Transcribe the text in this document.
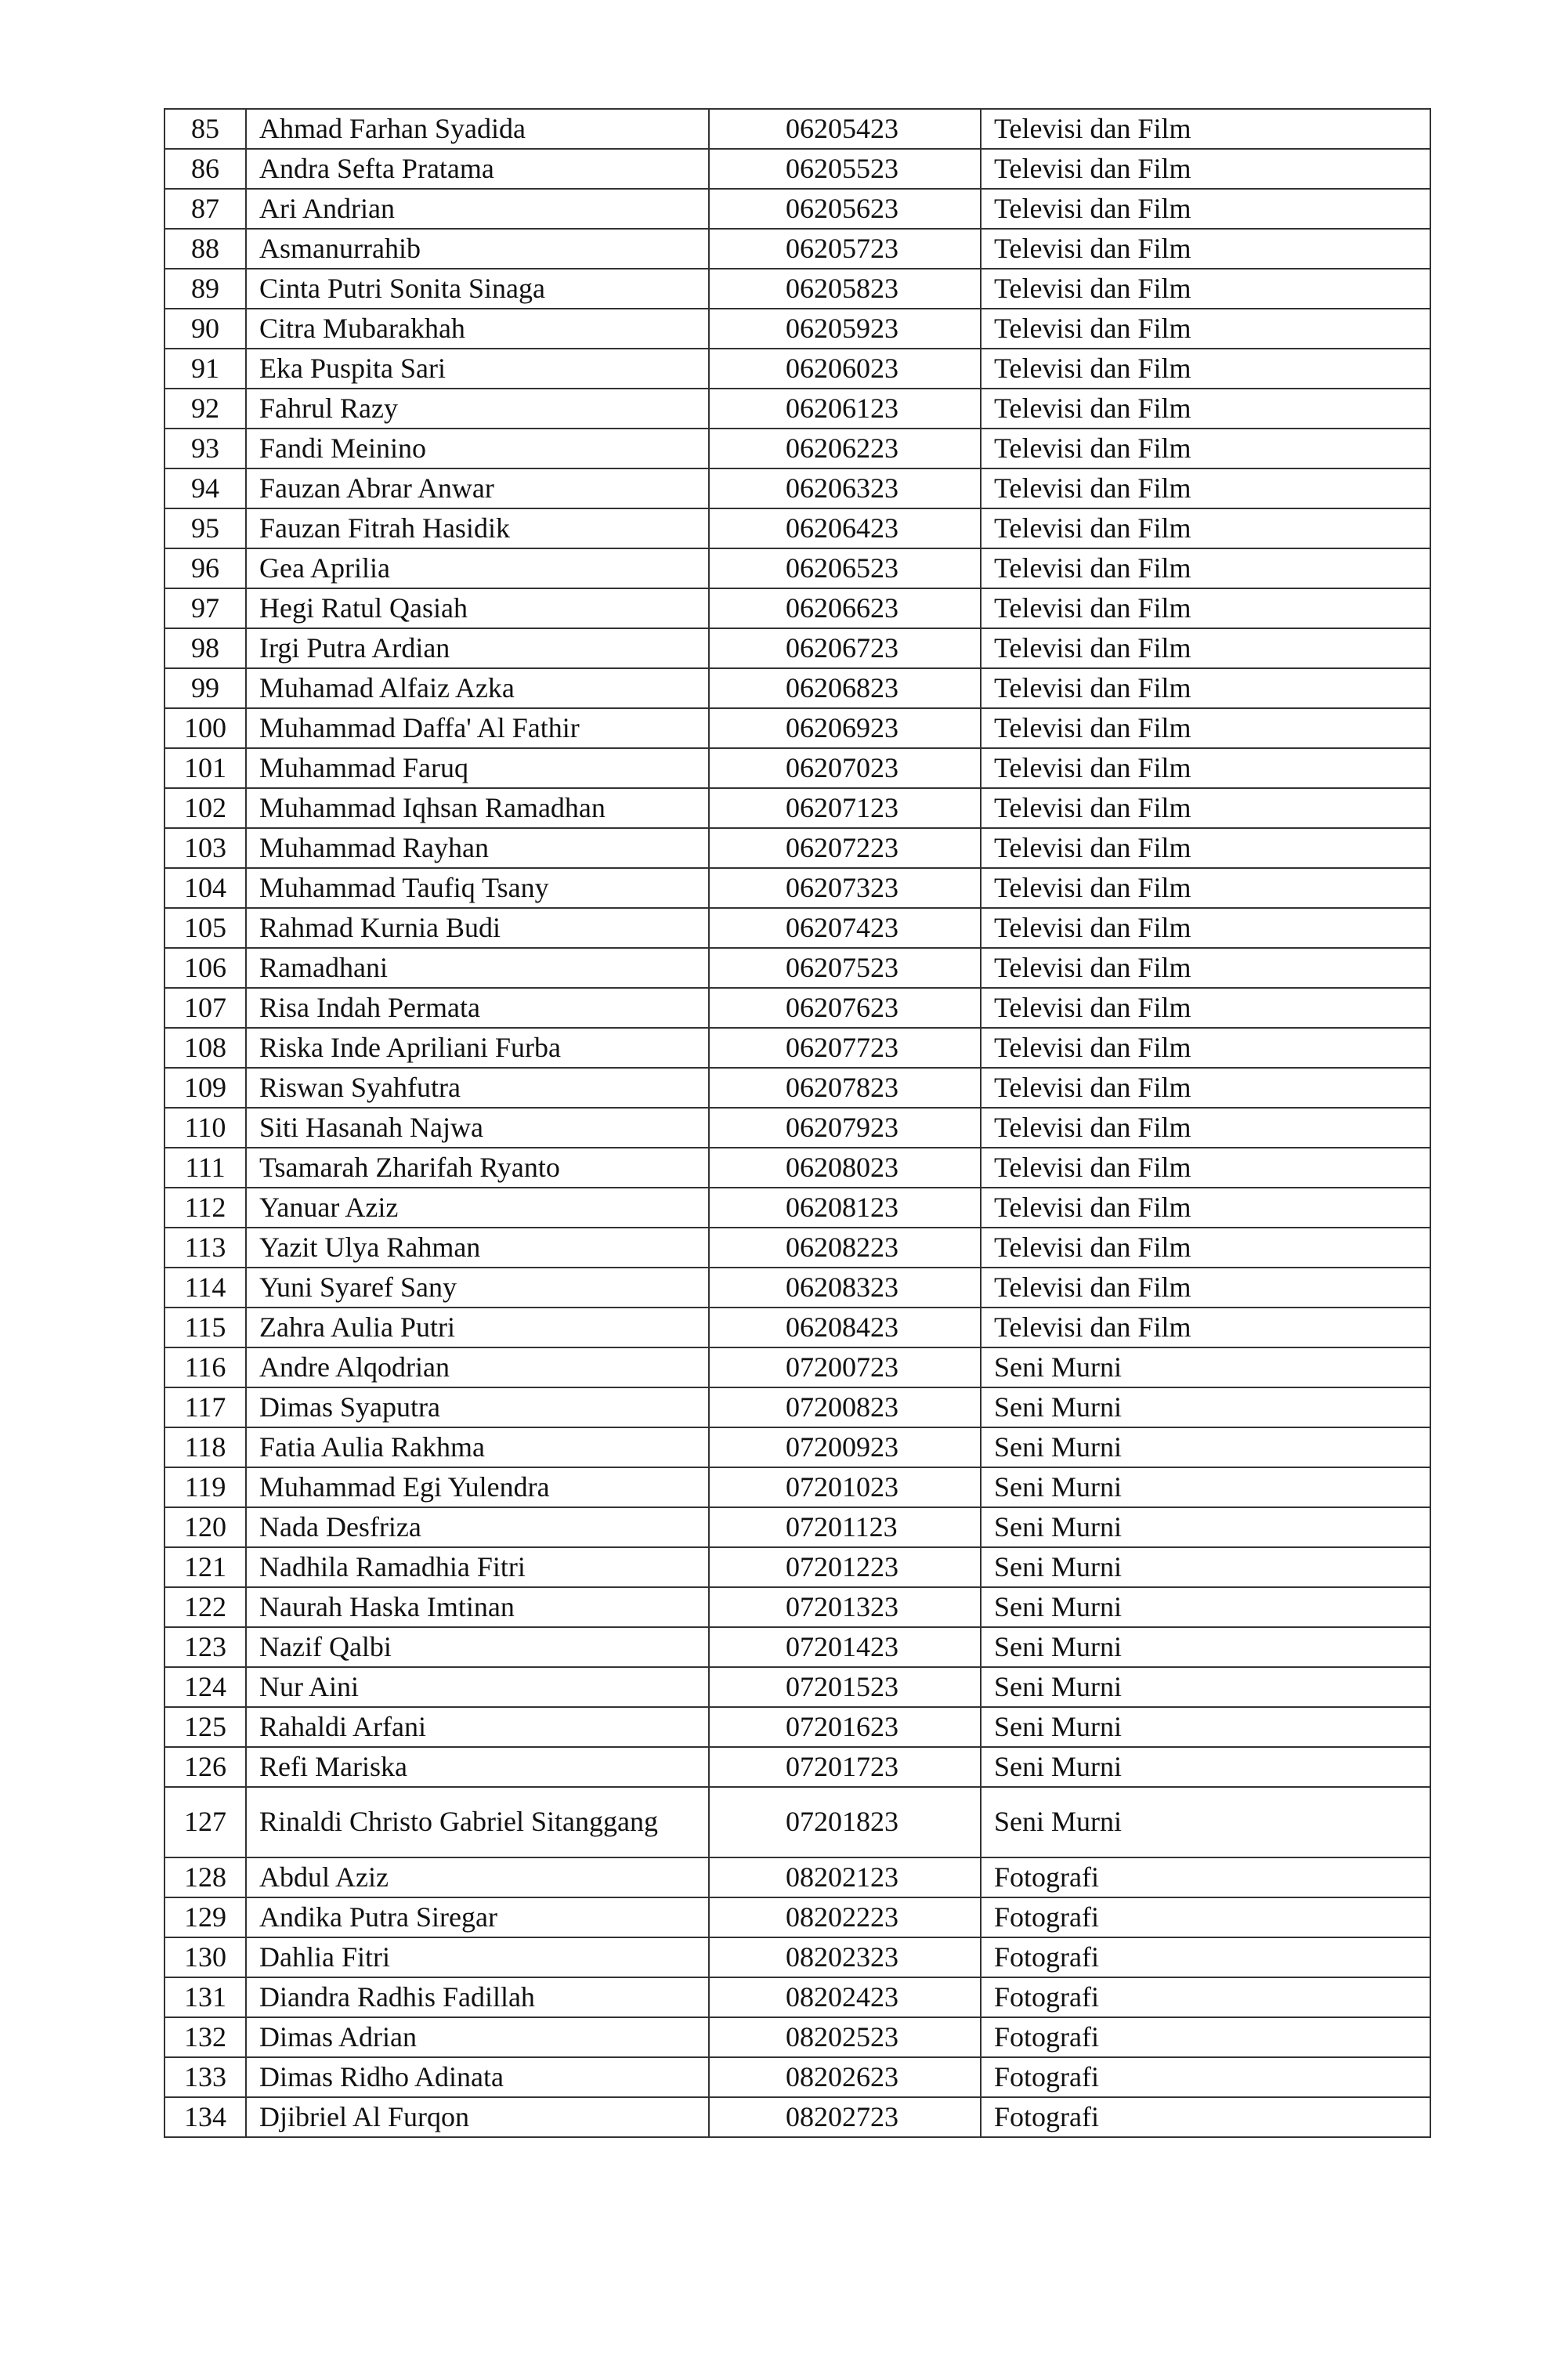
85	Ahmad Farhan Syadida	06205423	Televisi dan Film
86	Andra Sefta Pratama	06205523	Televisi dan Film
87	Ari Andrian	06205623	Televisi dan Film
88	Asmanurrahib	06205723	Televisi dan Film
89	Cinta Putri Sonita Sinaga	06205823	Televisi dan Film
90	Citra Mubarakhah	06205923	Televisi dan Film
91	Eka Puspita Sari	06206023	Televisi dan Film
92	Fahrul Razy	06206123	Televisi dan Film
93	Fandi Meinino	06206223	Televisi dan Film
94	Fauzan Abrar Anwar	06206323	Televisi dan Film
95	Fauzan Fitrah Hasidik	06206423	Televisi dan Film
96	Gea Aprilia	06206523	Televisi dan Film
97	Hegi Ratul Qasiah	06206623	Televisi dan Film
98	Irgi Putra Ardian	06206723	Televisi dan Film
99	Muhamad Alfaiz Azka	06206823	Televisi dan Film
100	Muhammad Daffa' Al Fathir	06206923	Televisi dan Film
101	Muhammad Faruq	06207023	Televisi dan Film
102	Muhammad Iqhsan Ramadhan	06207123	Televisi dan Film
103	Muhammad Rayhan	06207223	Televisi dan Film
104	Muhammad Taufiq Tsany	06207323	Televisi dan Film
105	Rahmad Kurnia Budi	06207423	Televisi dan Film
106	Ramadhani	06207523	Televisi dan Film
107	Risa Indah Permata	06207623	Televisi dan Film
108	Riska Inde Apriliani Furba	06207723	Televisi dan Film
109	Riswan Syahfutra	06207823	Televisi dan Film
110	Siti Hasanah Najwa	06207923	Televisi dan Film
111	Tsamarah Zharifah Ryanto	06208023	Televisi dan Film
112	Yanuar Aziz	06208123	Televisi dan Film
113	Yazit Ulya Rahman	06208223	Televisi dan Film
114	Yuni Syaref Sany	06208323	Televisi dan Film
115	Zahra Aulia Putri	06208423	Televisi dan Film
116	Andre Alqodrian	07200723	Seni Murni
117	Dimas Syaputra	07200823	Seni Murni
118	Fatia Aulia Rakhma	07200923	Seni Murni
119	Muhammad Egi Yulendra	07201023	Seni Murni
120	Nada Desfriza	07201123	Seni Murni
121	Nadhila Ramadhia Fitri	07201223	Seni Murni
122	Naurah Haska Imtinan	07201323	Seni Murni
123	Nazif Qalbi	07201423	Seni Murni
124	Nur Aini	07201523	Seni Murni
125	Rahaldi Arfani	07201623	Seni Murni
126	Refi Mariska	07201723	Seni Murni
127	Rinaldi Christo Gabriel Sitanggang	07201823	Seni Murni
128	Abdul Aziz	08202123	Fotografi
129	Andika Putra Siregar	08202223	Fotografi
130	Dahlia Fitri	08202323	Fotografi
131	Diandra Radhis Fadillah	08202423	Fotografi
132	Dimas Adrian	08202523	Fotografi
133	Dimas Ridho Adinata	08202623	Fotografi
134	Djibriel Al Furqon	08202723	Fotografi
